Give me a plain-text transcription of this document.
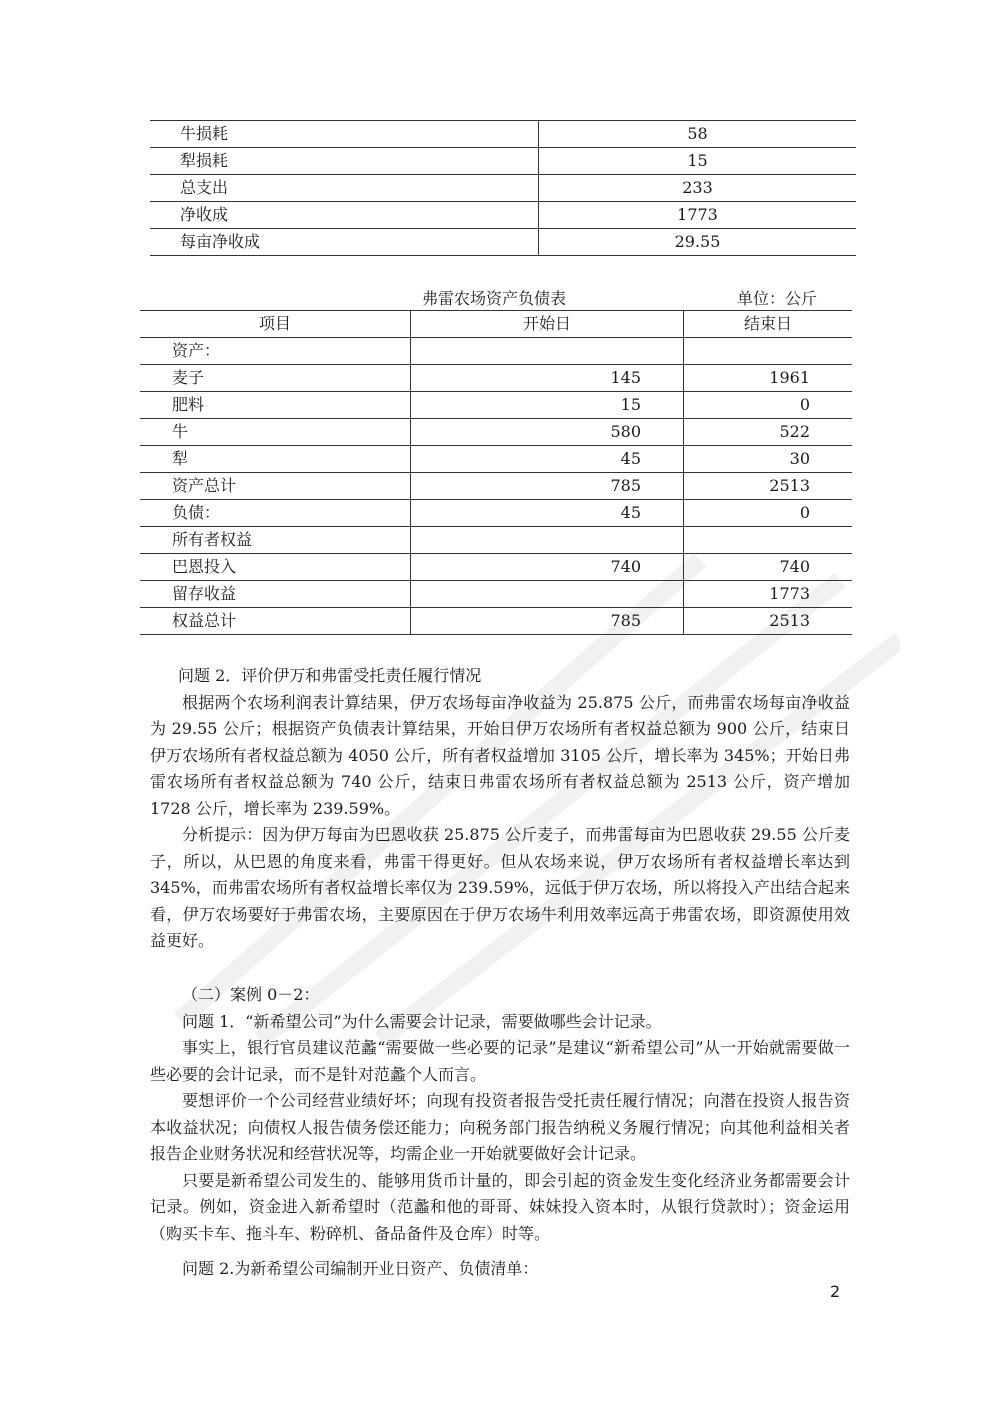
牛损耗	58
犁损耗	15
总支出	233
净收成	1773
每亩净收成	29.55
弗雷农场资产负债表	单位：公斤
项目	开始日	结束日
资产：		
麦子	145	1961
肥料	15	0
牛	580	522
犁	45	30
资产总计	785	2513
负债：	45	0
所有者权益		
巴恩投入	740	740
留存收益		1773
权益总计	785	2513

问题 2．评价伊万和弗雷受托责任履行情况

根据两个农场利润表计算结果，伊万农场每亩净收益为 25.875 公斤，而弗雷农场每亩净收益为 29.55 公斤；根据资产负债表计算结果，开始日伊万农场所有者权益总额为 900 公斤，结束日伊万农场所有者权益总额为 4050 公斤，所有者权益增加 3105 公斤，增长率为 345%；开始日弗雷农场所有者权益总额为 740 公斤，结束日弗雷农场所有者权益总额为 2513 公斤，资产增加 1728 公斤，增长率为 239.59%。

分析提示：因为伊万每亩为巴恩收获 25.875 公斤麦子，而弗雷每亩为巴恩收获 29.55 公斤麦子，所以，从巴恩的角度来看，弗雷干得更好。但从农场来说，伊万农场所有者权益增长率达到 345%，而弗雷农场所有者权益增长率仅为 239.59%，远低于伊万农场，所以将投入产出结合起来看，伊万农场要好于弗雷农场，主要原因在于伊万农场牛利用效率远高于弗雷农场，即资源使用效益更好。

（二）案例 0－2：

问题 1．“新希望公司”为什么需要会计记录，需要做哪些会计记录。

事实上，银行官员建议范蠡“需要做一些必要的记录”是建议“新希望公司”从一开始就需要做一些必要的会计记录，而不是针对范蠡个人而言。

要想评价一个公司经营业绩好坏；向现有投资者报告受托责任履行情况；向潜在投资人报告资本收益状况；向债权人报告债务偿还能力；向税务部门报告纳税义务履行情况；向其他利益相关者报告企业财务状况和经营状况等，均需企业一开始就要做好会计记录。

只要是新希望公司发生的、能够用货币计量的，即会引起的资金发生变化经济业务都需要会计记录。例如，资金进入新希望时（范蠡和他的哥哥、妹妹投入资本时，从银行贷款时）；资金运用（购买卡车、拖斗车、粉碎机、备品备件及仓库）时等。

问题 2.为新希望公司编制开业日资产、负债清单：

2
